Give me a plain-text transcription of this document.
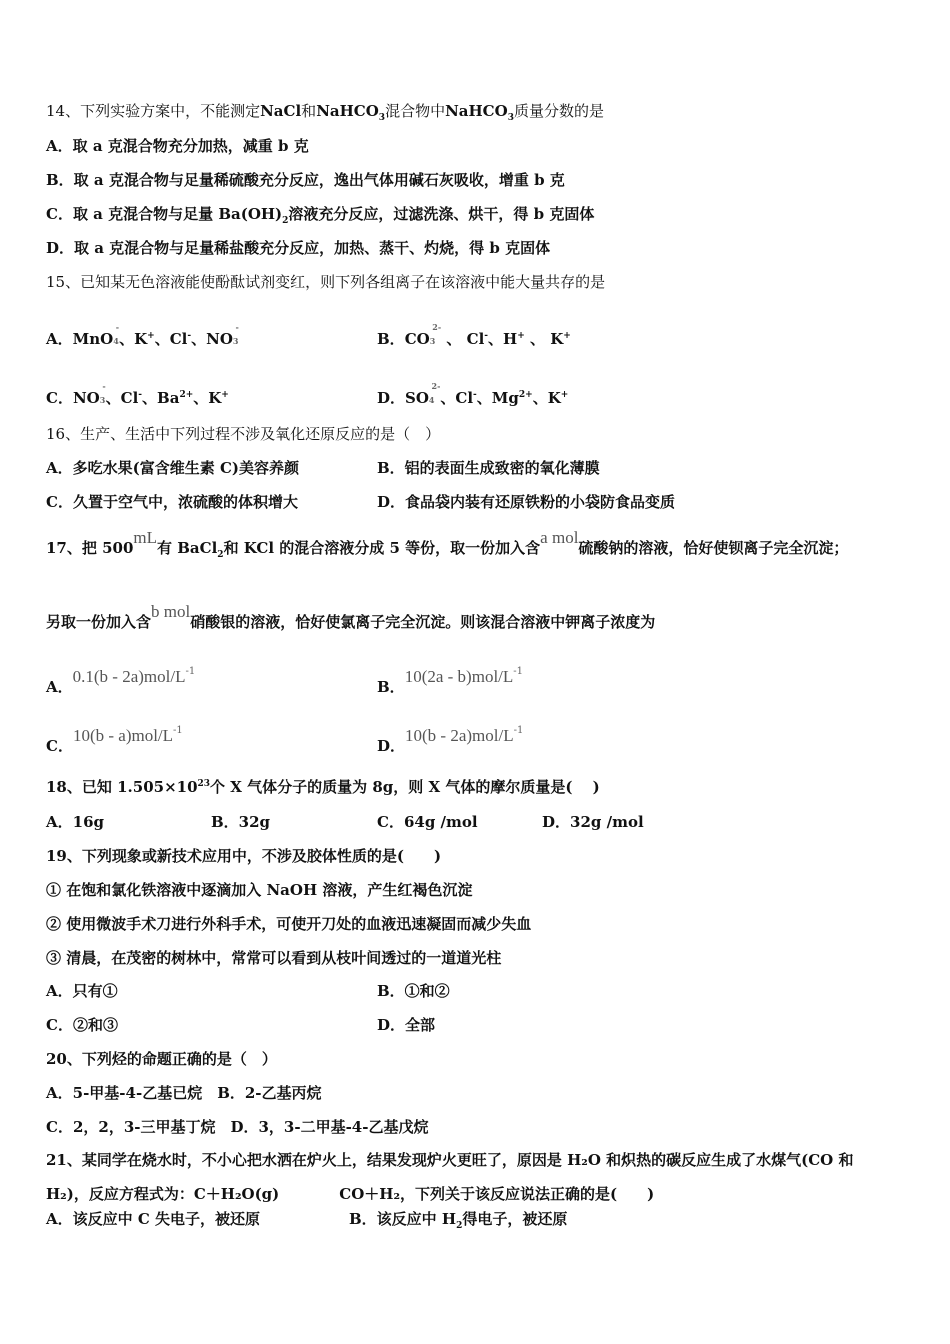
14、下列实验方案中，不能测定NaCl和NaHCO$_3$混合物中NaHCO$_3$质量分数的是
A．取 a 克混合物充分加热，减重 b 克
B．取 a 克混合物与足量稀硫酸充分反应，逸出气体用碱石灰吸收，增重 b 克
C．取 a 克混合物与足量 $Ba(OH)_2$溶液充分反应，过滤洗涤、烘干，得 b 克固体
D．取 a 克混合物与足量稀盐酸充分反应，加热、蒸干、灼烧，得 b 克固体
15、已知某无色溶液能使酚酞试剂变红，则下列各组离子在该溶液中能大量共存的是
A．MnO4-、K+、Cl-、NO3-
B．$CO3^{2-}$ 、 Cl-、H+ 、 K+
C．NO3-、Cl-、$Ba^{2+}$、K+	D．$SO4^{2-}$、Cl-、$Mg^{2+}$、K+
16、生产、生活中下列过程不涉及氧化还原反应的是（　）
A．多吃水果(富含维生素 C)美容养颜	B．铝的表面生成致密的氧化薄膜
C．久置于空气中，浓硫酸的体积增大	D．食品袋内装有还原铁粉的小袋防食品变质
17、把 500mL有 BaCl$_2$和 KCl 的混合溶液分成 5 等份，取一份加入含a mol硫酸钠的溶液，恰好使钡离子完全沉淀；
另取一份加入含b mol硝酸银的溶液，恰好使氯离子完全沉淀。则该混合溶液中钾离子浓度为
A．$0.1(b - 2a)mol/L^{-1}$
B．$10(2a - b)mol/L^{-1}$
C．$10(b - a)mol/L^{-1}$
D．$10(b - 2a)mol/L^{-1}$
18、已知 $1.505\times 10^{23}$个 X 气体分子的质量为 8g，则 X 气体的摩尔质量是(　 )
A．16g	B．32g	C．64g /mol	D．32g /mol
19、下列现象或新技术应用中，不涉及胶体性质的是(　　)
① 在饱和氯化铁溶液中逐滴加入 NaOH 溶液，产生红褐色沉淀
② 使用微波手术刀进行外科手术，可使开刀处的血液迅速凝固而减少失血
③ 清晨，在茂密的树林中，常常可以看到从枝叶间透过的一道道光柱
A．只有①	B．①和②
C．②和③	D．全部
20、下列烃的命题正确的是（　）
A．5-甲基-4-乙基已烷　B．2-乙基丙烷
C．2，2，3-三甲基丁烷　D．3，3-二甲基-4-乙基戊烷
21、某同学在烧水时，不小心把水洒在炉火上，结果发现炉火更旺了，原因是 H₂O 和炽热的碳反应生成了水煤气(CO 和
H₂)，反应方程式为：C＋H₂O(g)	CO＋H₂，下列关于该反应说法正确的是(　　)
A．该反应中 C 失电子，被还原	B．该反应中 $H_2$得电子，被还原
